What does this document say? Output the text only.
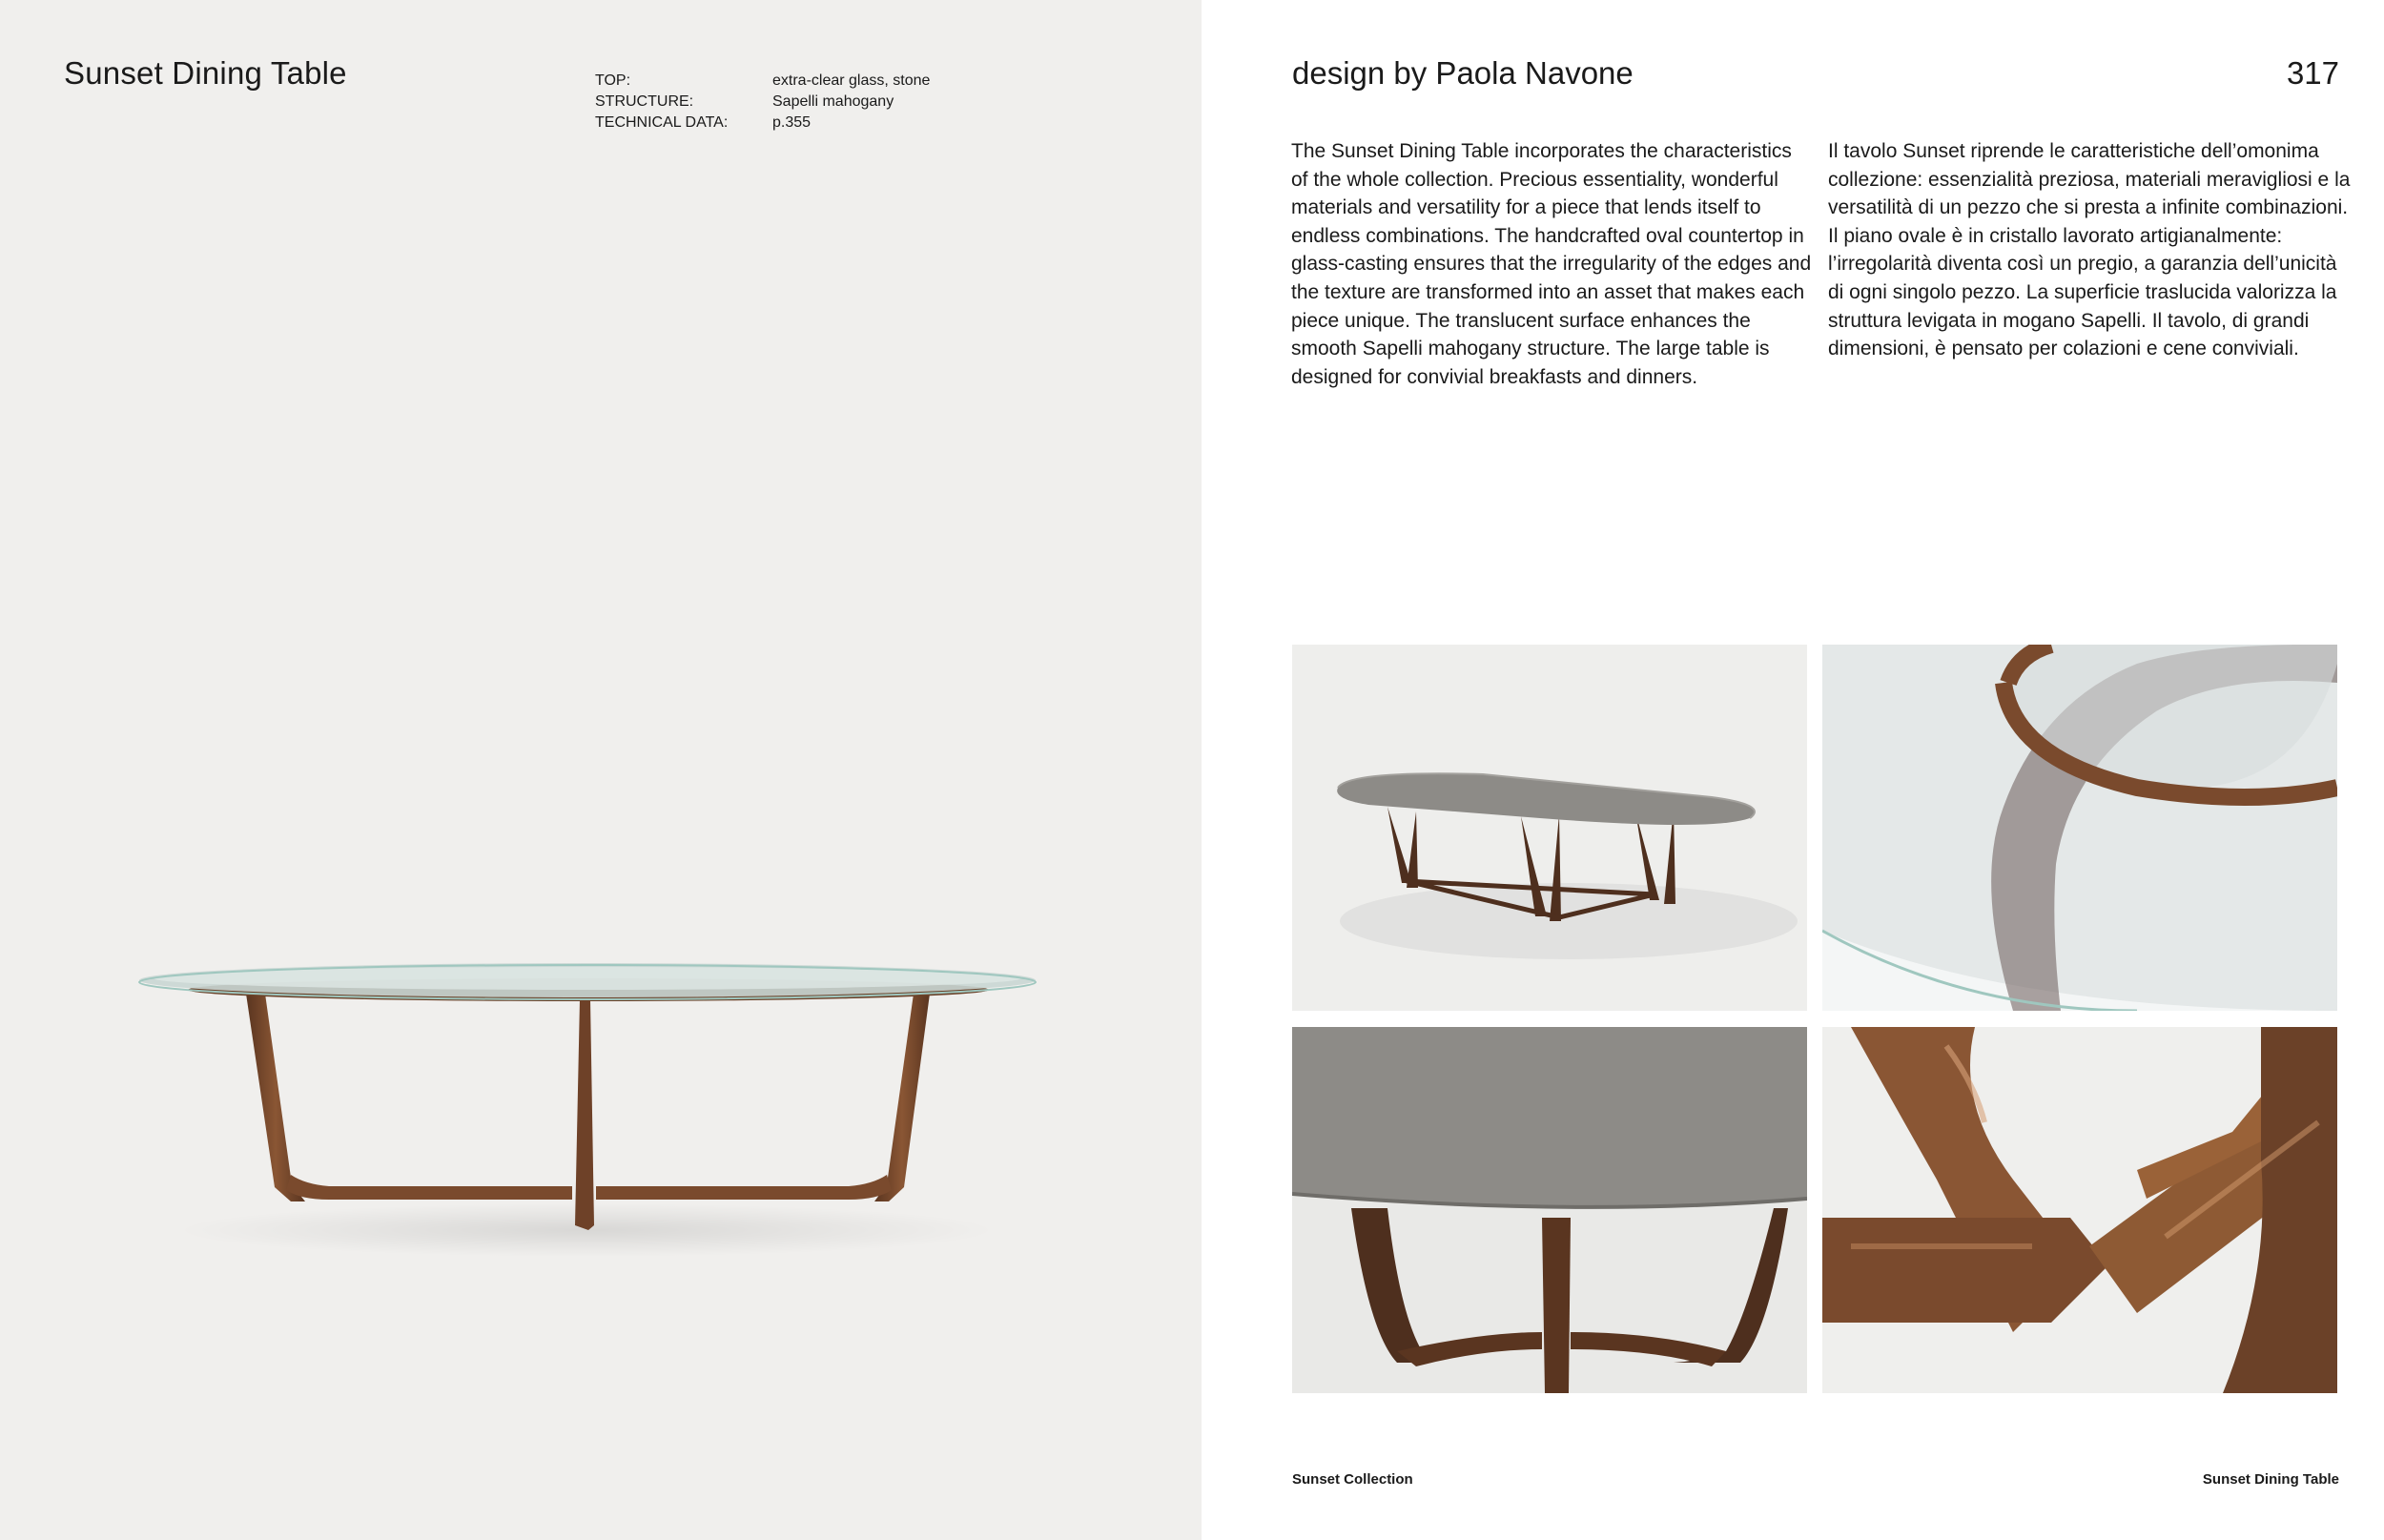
Sunset Dining Table	TOP:	extra-clear glass, stone
STRUCTURE:	Sapelli mahogany
TECHNICAL DATA:	p.355
design by Paola Navone	317

The Sunset Dining Table incorporates the characteristics of the whole collection. Precious essentiality, wonderful materials and versatility for a piece that lends itself to endless combinations. The handcrafted oval countertop in glass-casting ensures that the irregularity of the edges and the texture are transformed into an asset that makes each piece unique. The translucent surface enhances the smooth Sapelli mahogany structure. The large table is designed for convivial breakfasts and dinners.

Il tavolo Sunset riprende le caratteristiche dell’omonima collezione: essenzialità preziosa, materiali meravigliosi e la versatilità di un pezzo che si presta a infinite combinazioni. Il piano ovale è in cristallo lavorato artigianalmente: l’irregolarità diventa così un pregio, a garanzia dell’unicità di ogni singolo pezzo. La superficie traslucida valorizza la struttura levigata in mogano Sapelli. Il tavolo, di grandi dimensioni, è pensato per colazioni e cene conviviali.

Sunset Collection	Sunset Dining Table
